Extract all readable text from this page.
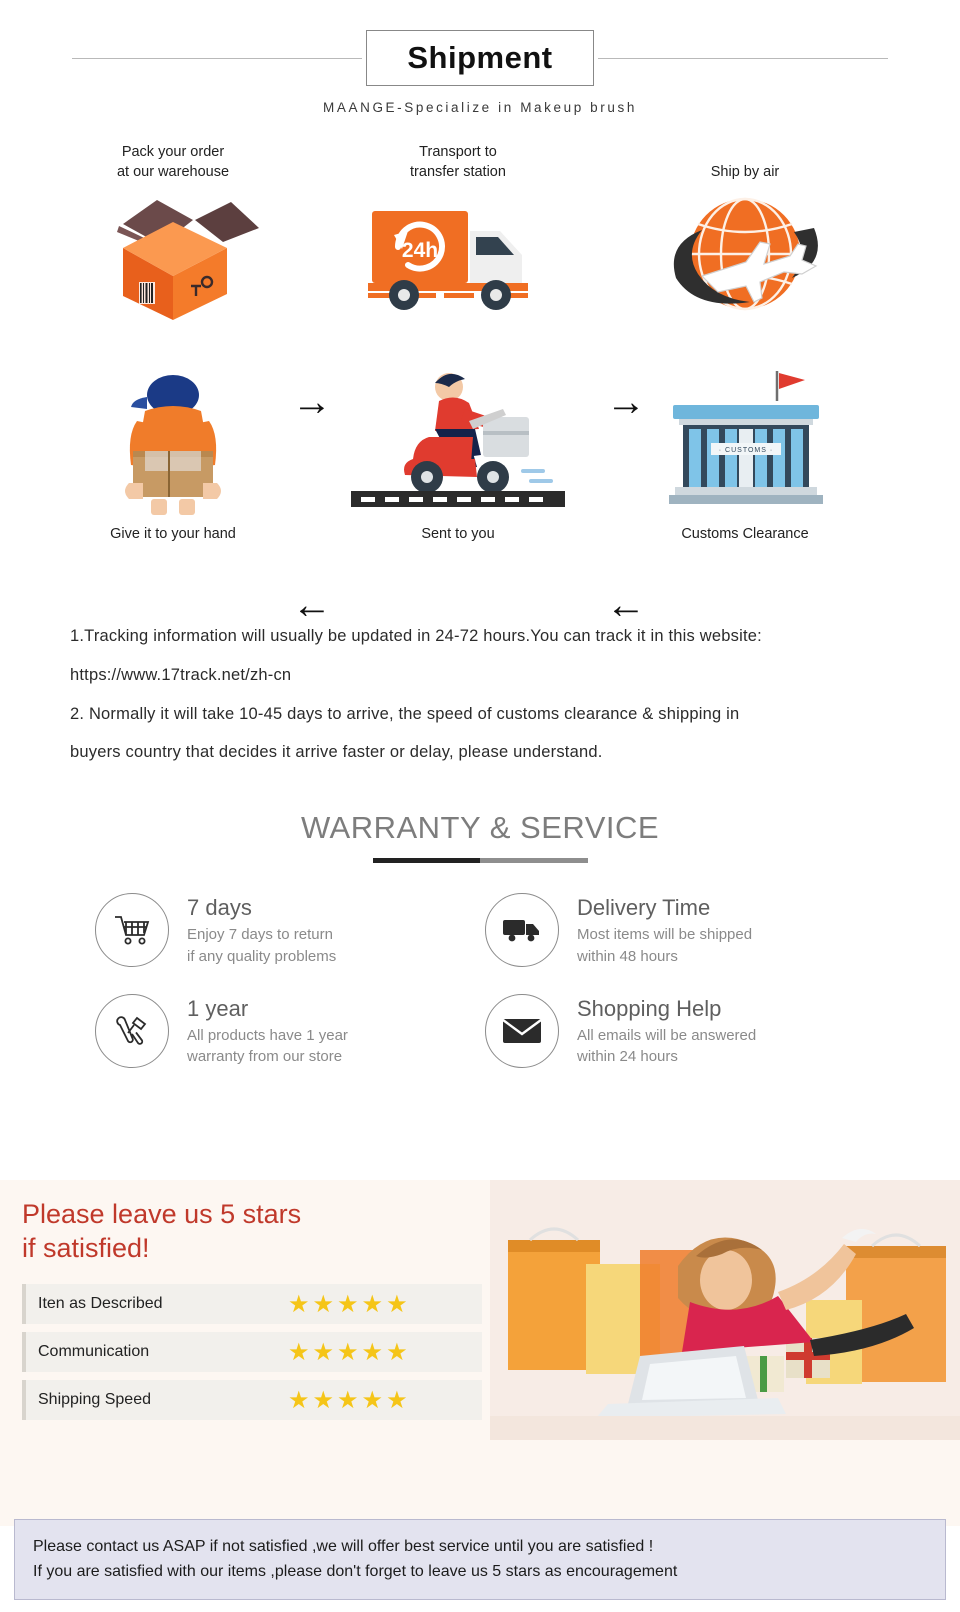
Shipment
MAANGE-Specialize in Makeup brush
Pack your order
at our warehouse
→
Transport to
transfer station
24h
→
Ship by air
· CUSTOMS ·
Customs Clearance
←
Sent to you
←
Give it to your hand
1.Tracking information will usually be updated in 24-72 hours.You can track it in this website:
https://www.17track.net/zh-cn
2. Normally it will take 10-45 days to arrive, the speed of customs clearance & shipping in
buyers country that decides it arrive faster or delay, please understand.
WARRANTY & SERVICE
7 days

Enjoy 7 days to return

if any quality problems

Delivery Time

Most items will be shipped

within 48 hours

1 year

All products have 1 year

warranty from our store

Shopping Help

All emails will be answered

within 24 hours

Please leave us 5 stars
if satisfied!
Iten as Described	★★★★★
Communication	★★★★★
Shipping Speed	★★★★★
Please contact us ASAP if not satisfied ,we will offer best service until you are satisfied !
If you are satisfied with our items ,please don't forget to leave us 5 stars as encouragement
